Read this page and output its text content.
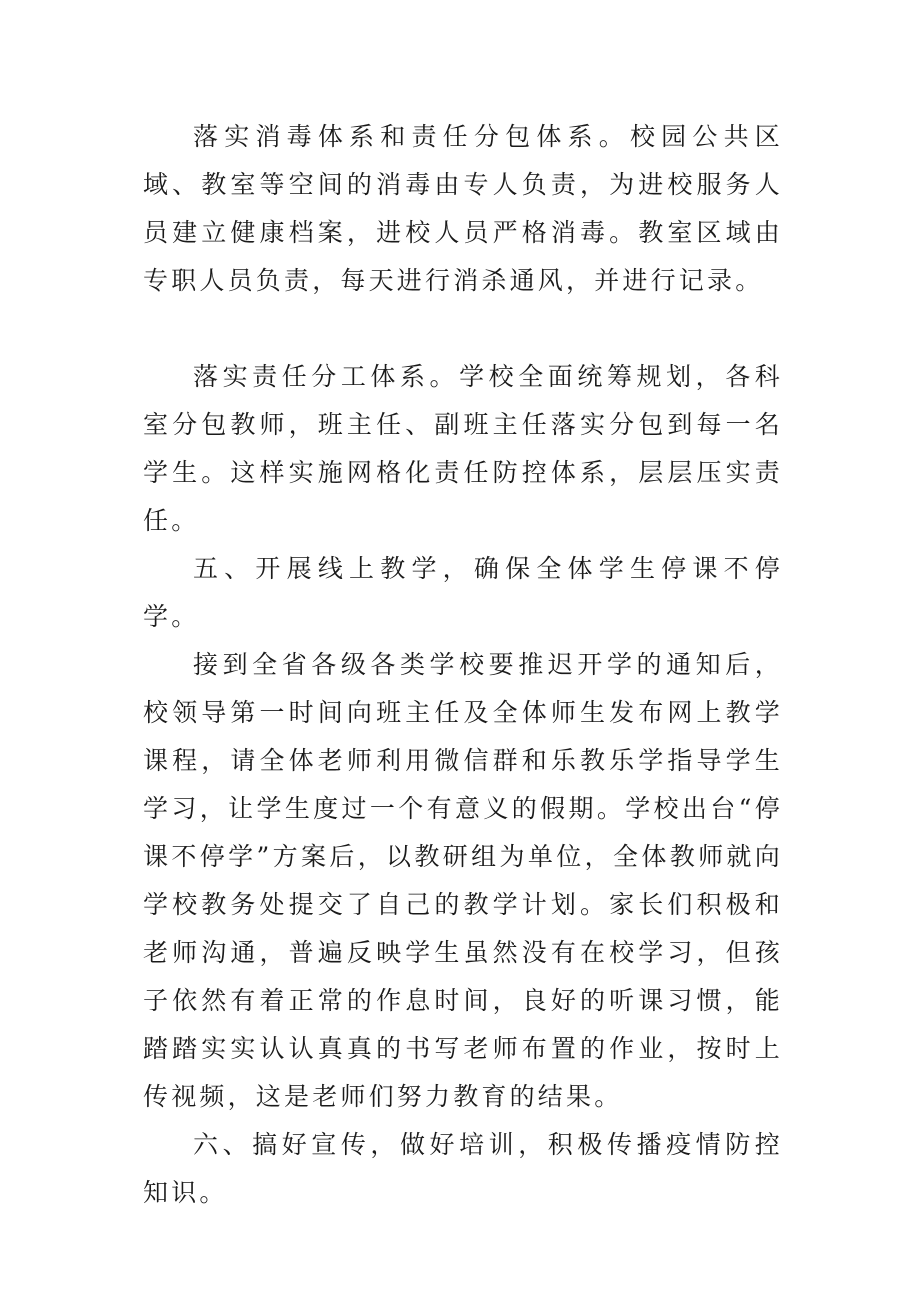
落实消毒体系和责任分包体系。校园公共区域、教室等空间的消毒由专人负责，为进校服务人员建立健康档案，进校人员严格消毒。教室区域由专职人员负责，每天进行消杀通风，并进行记录。

落实责任分工体系。学校全面统筹规划，各科室分包教师，班主任、副班主任落实分包到每一名学生。这样实施网格化责任防控体系，层层压实责任。

五、开展线上教学，确保全体学生停课不停学。

接到全省各级各类学校要推迟开学的通知后，校领导第一时间向班主任及全体师生发布网上教学课程，请全体老师利用微信群和乐教乐学指导学生学习，让学生度过一个有意义的假期。学校出台“停课不停学”方案后，以教研组为单位，全体教师就向学校教务处提交了自己的教学计划。家长们积极和老师沟通，普遍反映学生虽然没有在校学习，但孩子依然有着正常的作息时间，良好的听课习惯，能踏踏实实认认真真的书写老师布置的作业，按时上传视频，这是老师们努力教育的结果。

六、搞好宣传，做好培训，积极传播疫情防控知识。
